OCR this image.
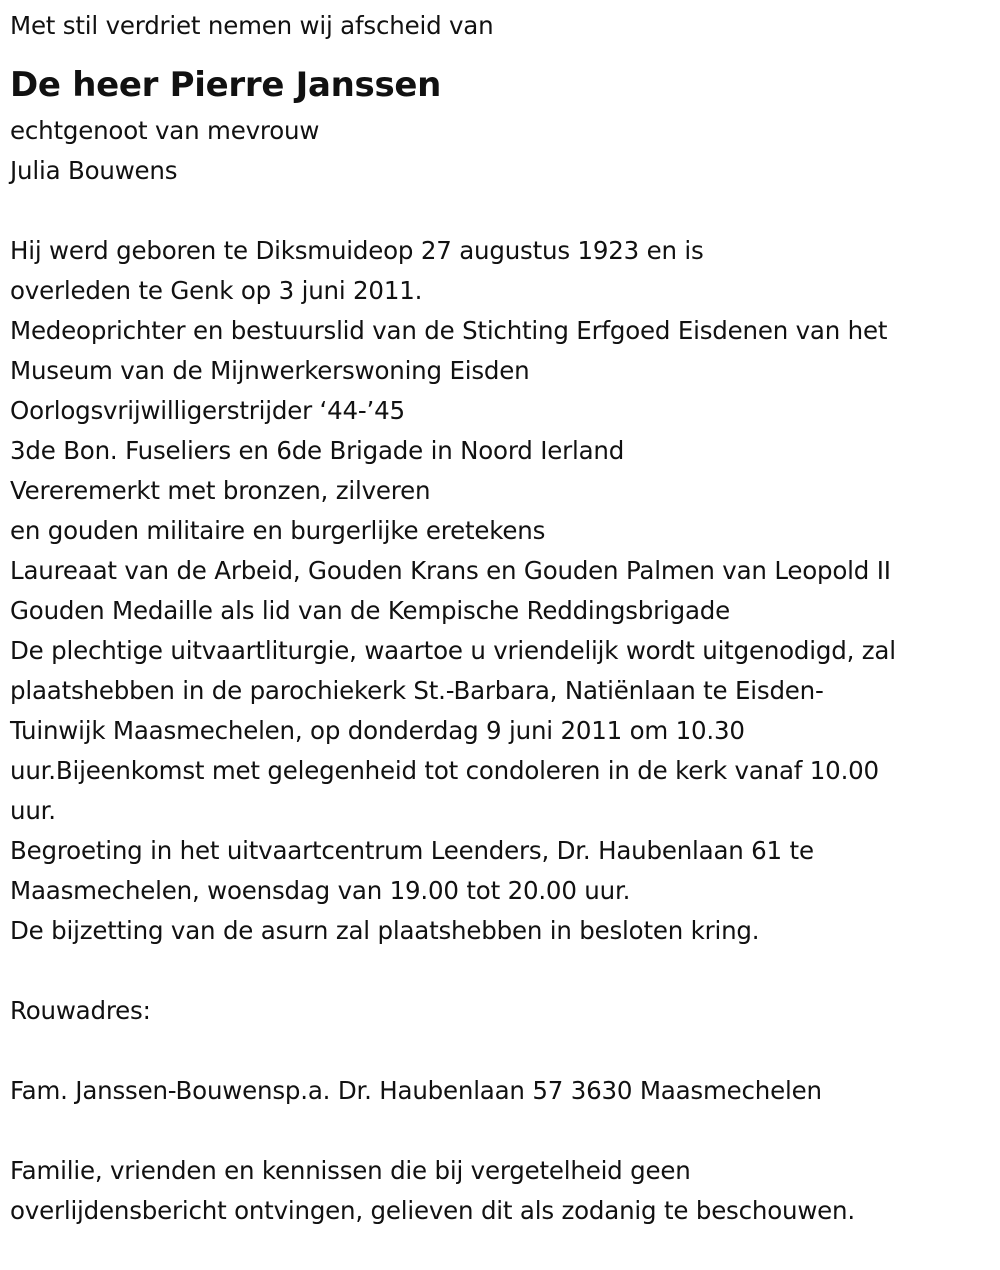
Met stil verdriet nemen wij afscheid van

De heer Pierre Janssen

echtgenoot van mevrouw

Julia Bouwens

Hij werd geboren te Diksmuideop 27 augustus 1923 en is

overleden te Genk op 3 juni 2011.

Medeoprichter en bestuurslid van de Stichting Erfgoed Eisdenen van het

Museum van de Mijnwerkerswoning Eisden

Oorlogsvrijwilligerstrijder ‘44-’45

3de Bon. Fuseliers en 6de Brigade in Noord Ierland

Vereremerkt met bronzen, zilveren

en gouden militaire en burgerlijke eretekens

Laureaat van de Arbeid, Gouden Krans en Gouden Palmen van Leopold II

Gouden Medaille als lid van de Kempische Reddingsbrigade

De plechtige uitvaartliturgie, waartoe u vriendelijk wordt uitgenodigd, zal

plaatshebben in de parochiekerk St.-Barbara, Natiënlaan te Eisden-

Tuinwijk Maasmechelen, op donderdag 9 juni 2011 om 10.30

uur.Bijeenkomst met gelegenheid tot condoleren in de kerk vanaf 10.00

uur.

Begroeting in het uitvaartcentrum Leenders, Dr. Haubenlaan 61 te

Maasmechelen, woensdag van 19.00 tot 20.00 uur.

De bijzetting van de asurn zal plaatshebben in besloten kring.

Rouwadres:

Fam. Janssen-Bouwensp.a. Dr. Haubenlaan 57 3630 Maasmechelen

Familie, vrienden en kennissen die bij vergetelheid geen

overlijdensbericht ontvingen, gelieven dit als zodanig te beschouwen.
